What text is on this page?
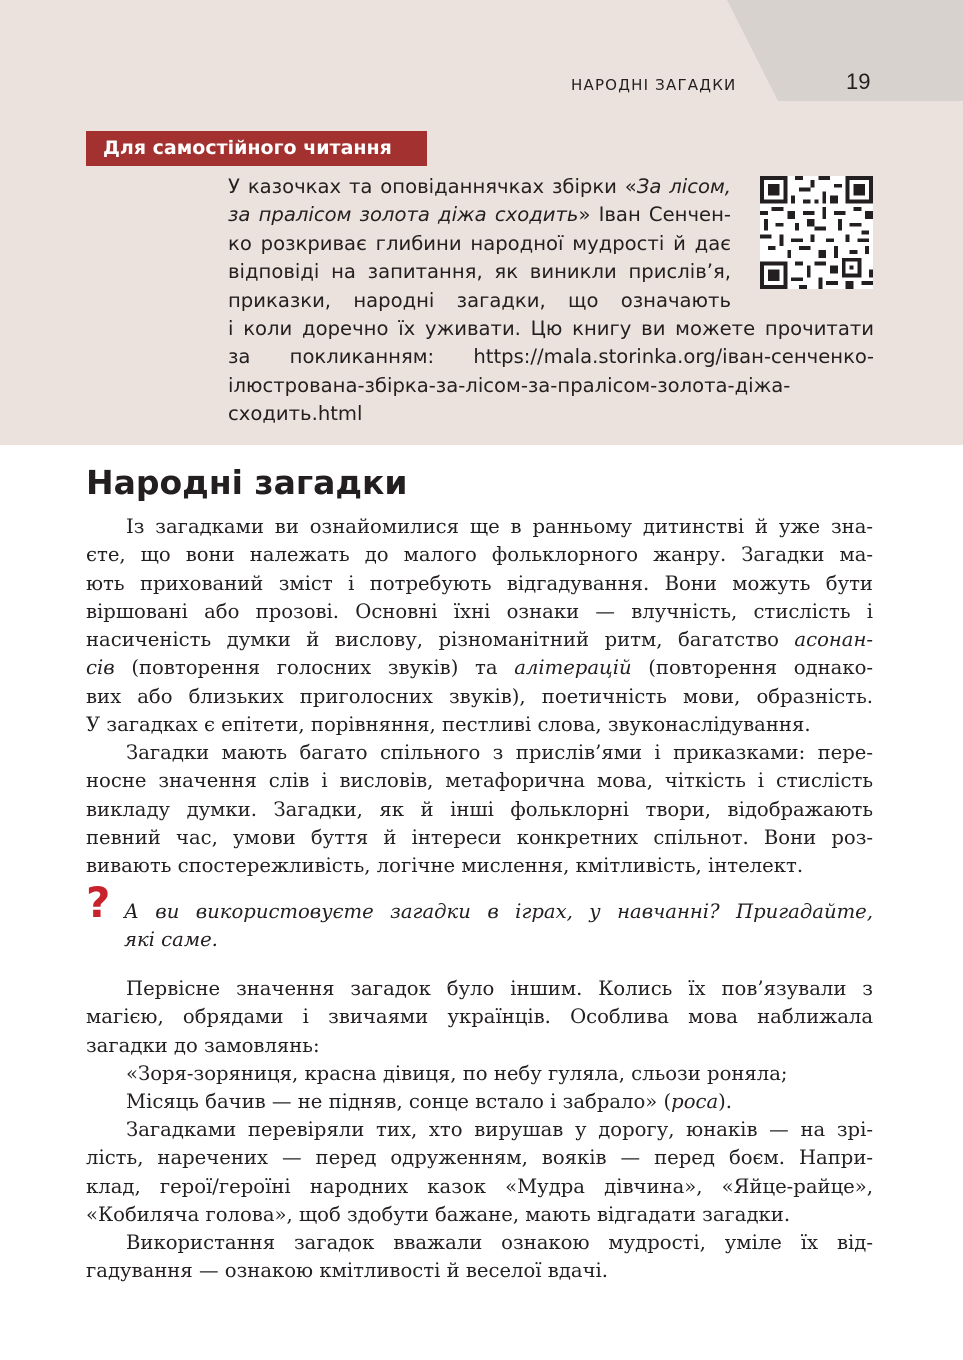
НАРОДНІ ЗАГАДКИ	19
Для самостійного читання
У казочках та оповіданнячках збірки «За лісом,
за пралісом золота діжа сходить» Іван Сенчен-
ко розкриває глибини народної мудрості й дає
відповіді на запитання, як виникли прислів’я,
приказки, народні загадки, що означають
і коли доречно їх уживати. Цю книгу ви можете прочитати
за покликанням: https://mala.storinka.org/іван-сенченко-
ілюстрована-збірка-за-лісом-за-пралісом-золота-діжа-
сходить.html
Народні загадки
Із загадками ви ознайомилися ще в ранньому дитинстві й уже зна-
єте, що вони належать до малого фольклорного жанру. Загадки ма-
ють прихований зміст і потребують відгадування. Вони можуть бути
віршовані або прозові. Основні їхні ознаки — влучність, стислість і
насиченість думки й вислову, різноманітний ритм, багатство асонан-
сів (повторення голосних звуків) та алітерацій (повторення однако-
вих або близьких приголосних звуків), поетичність мови, образність.
У загадках є епітети, порівняння, пестливі слова, звуконаслідування.
Загадки мають багато спільного з прислів’ями і приказками: пере-
носне значення слів і висловів, метафорична мова, чіткість і стислість
викладу думки. Загадки, як й інші фольклорні твори, відображають
певний час, умови буття й інтереси конкретних спільнот. Вони роз-
вивають спостережливість, логічне мислення, кмітливість, інтелект.
? А ви використовуєте загадки в іграх, у навчанні? Пригадайте,
які саме.
Первісне значення загадок було іншим. Колись їх пов’язували з
магією, обрядами і звичаями українців. Особлива мова наближала
загадки до замовлянь:
«Зоря-зоряниця, красна дівиця, по небу гуляла, сльози роняла;
Місяць бачив — не підняв, сонце встало і забрало» (роса).
Загадками перевіряли тих, хто вирушав у дорогу, юнаків — на зрі-
лість, наречених — перед одруженням, вояків — перед боєм. Напри-
клад, герої/героїні народних казок «Мудра дівчина», «Яйце-райце»,
«Кобиляча голова», щоб здобути бажане, мають відгадати загадки.
Використання загадок вважали ознакою мудрості, уміле їх від-
гадування — ознакою кмітливості й веселої вдачі.
